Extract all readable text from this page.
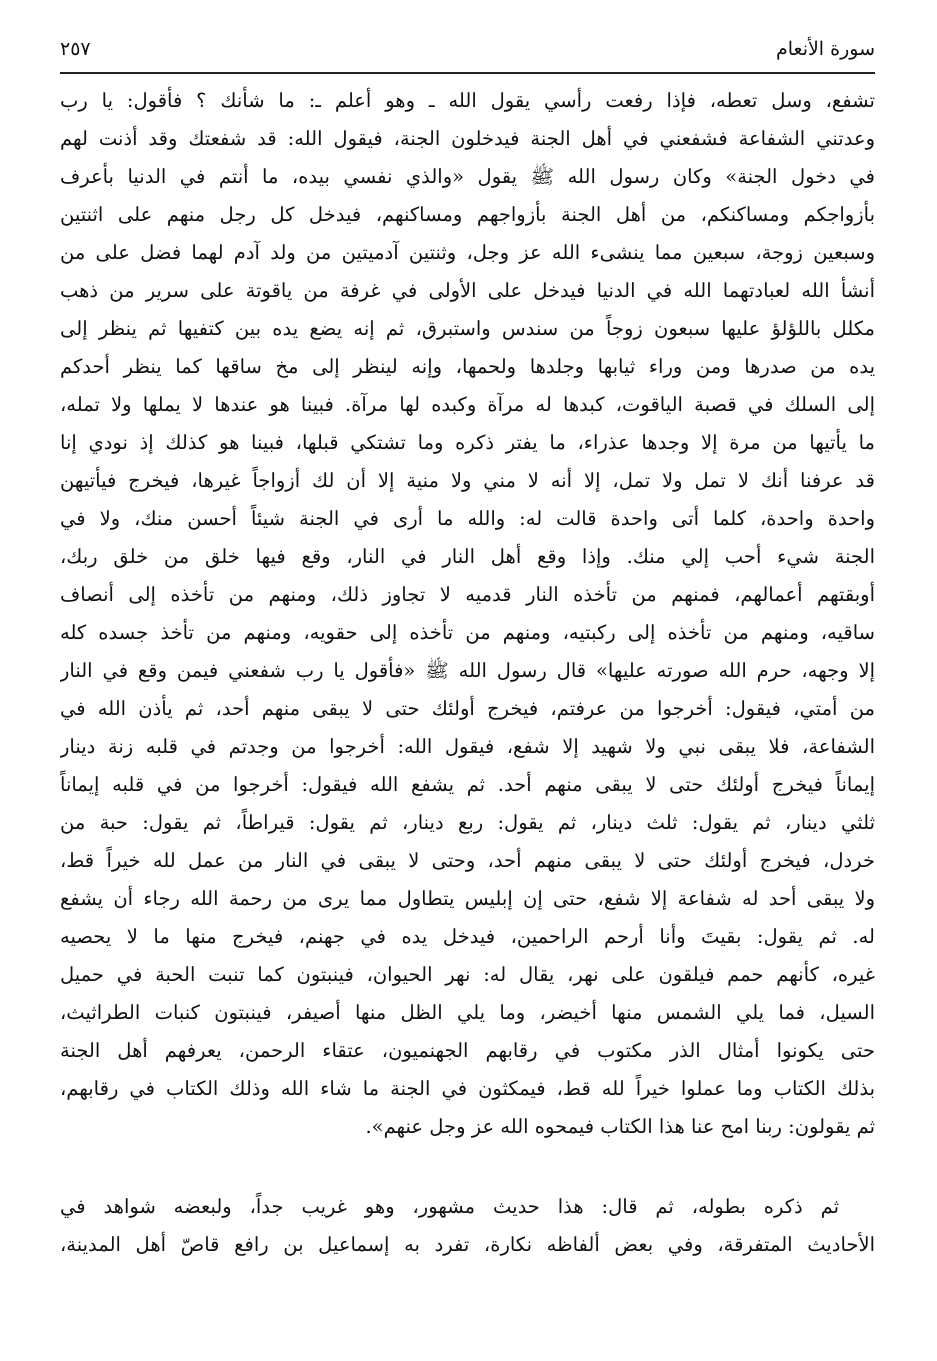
سورة الأنعام
٢٥٧
تشفع، وسل تعطه، فإذا رفعت رأسي يقول الله ـ وهو أعلم ـ: ما شأنك ؟ فأقول: يا رب
وعدتني الشفاعة فشفعني في أهل الجنة فيدخلون الجنة، فيقول الله: قد شفعتك وقد أذنت لهم
في دخول الجنة» وكان رسول الله ﷺ يقول «والذي نفسي بيده، ما أنتم في الدنيا بأعرف
بأزواجكم ومساكنكم، من أهل الجنة بأزواجهم ومساكنهم، فيدخل كل رجل منهم على اثنتين
وسبعين زوجة، سبعين مما ينشىء الله عز وجل، وثنتين آدميتين من ولد آدم لهما فضل على من
أنشأ الله لعبادتهما الله في الدنيا فيدخل على الأولى في غرفة من ياقوتة على سرير من ذهب
مكلل باللؤلؤ عليها سبعون زوجاً من سندس واستبرق، ثم إنه يضع يده بين كتفيها ثم ينظر إلى
يده من صدرها ومن وراء ثيابها وجلدها ولحمها، وإنه لينظر إلى مخ ساقها كما ينظر أحدكم
إلى السلك في قصبة الياقوت، كبدها له مرآة وكبده لها مرآة. فبينا هو عندها لا يملها ولا تمله،
ما يأتيها من مرة إلا وجدها عذراء، ما يفتر ذكره وما تشتكي قبلها، فبينا هو كذلك إذ نودي إنا
قد عرفنا أنك لا تمل ولا تمل، إلا أنه لا مني ولا منية إلا أن لك أزواجاً غيرها، فيخرج فيأتيهن
واحدة واحدة، كلما أتى واحدة قالت له: والله ما أرى في الجنة شيئاً أحسن منك، ولا في
الجنة شيء أحب إلي منك. وإذا وقع أهل النار في النار، وقع فيها خلق من خلق ربك،
أوبقتهم أعمالهم، فمنهم من تأخذه النار قدميه لا تجاوز ذلك، ومنهم من تأخذه إلى أنصاف
ساقيه، ومنهم من تأخذه إلى ركبتيه، ومنهم من تأخذه إلى حقويه، ومنهم من تأخذ جسده كله
إلا وجهه، حرم الله صورته عليها» قال رسول الله ﷺ «فأقول يا رب شفعني فيمن وقع في النار
من أمتي، فيقول: أخرجوا من عرفتم، فيخرج أولئك حتى لا يبقى منهم أحد، ثم يأذن الله في
الشفاعة، فلا يبقى نبي ولا شهيد إلا شفع، فيقول الله: أخرجوا من وجدتم في قلبه زنة دينار
إيماناً فيخرج أولئك حتى لا يبقى منهم أحد. ثم يشفع الله فيقول: أخرجوا من في قلبه إيماناً
ثلثي دينار، ثم يقول: ثلث دينار، ثم يقول: ربع دينار، ثم يقول: قيراطاً، ثم يقول: حبة من
خردل، فيخرج أولئك حتى لا يبقى منهم أحد، وحتى لا يبقى في النار من عمل لله خيراً قط،
ولا يبقى أحد له شفاعة إلا شفع، حتى إن إبليس يتطاول مما يرى من رحمة الله رجاء أن يشفع
له. ثم يقول: بقيتَ وأنا أرحم الراحمين، فيدخل يده في جهنم، فيخرج منها ما لا يحصيه
غيره، كأنهم حمم فيلقون على نهر، يقال له: نهر الحيوان، فينبتون كما تنبت الحبة في حميل
السيل، فما يلي الشمس منها أخيضر، وما يلي الظل منها أصيفر، فينبتون كنبات الطراثيث،
حتى يكونوا أمثال الذر مكتوب في رقابهم الجهنميون، عتقاء الرحمن، يعرفهم أهل الجنة
بذلك الكتاب وما عملوا خيراً لله قط، فيمكثون في الجنة ما شاء الله وذلك الكتاب في رقابهم،
ثم يقولون: ربنا امح عنا هذا الكتاب فيمحوه الله عز وجل عنهم».
ثم ذكره بطوله، ثم قال: هذا حديث مشهور، وهو غريب جداً، ولبعضه شواهد في
الأحاديث المتفرقة، وفي بعض ألفاظه نكارة، تفرد به إسماعيل بن رافع قاصّ أهل المدينة،
